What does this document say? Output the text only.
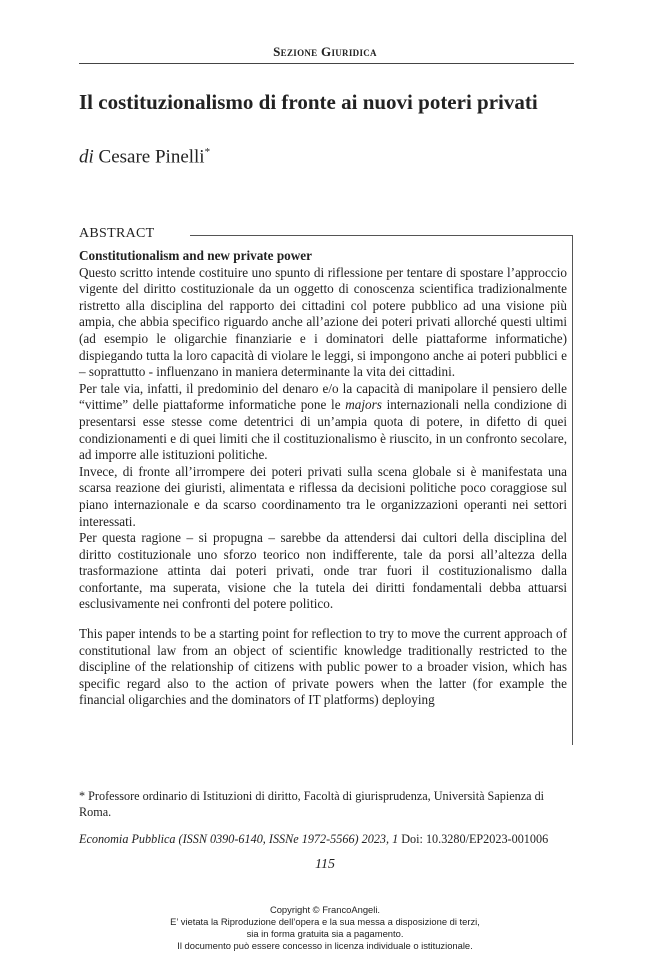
Sezione Giuridica
Il costituzionalismo di fronte ai nuovi poteri privati
di Cesare Pinelli*
ABSTRACT

Constitutionalism and new private power

Questo scritto intende costituire uno spunto di riflessione per tentare di spostare l’approccio vigente del diritto costituzionale da un oggetto di conoscenza scientifica tradizionalmente ristretto alla disciplina del rapporto dei cittadini col potere pubblico ad una visione più ampia, che abbia specifico riguardo anche all’azione dei poteri privati allorché questi ultimi (ad esempio le oligarchie finanziarie e i dominatori delle piattaforme informatiche) dispiegando tutta la loro capacità di violare le leggi, si impongono anche ai poteri pubblici e – soprattutto - influenzano in maniera determinante la vita dei cittadini.

Per tale via, infatti, il predominio del denaro e/o la capacità di manipolare il pensiero delle “vittime” delle piattaforme informatiche pone le majors internazionali nella condizione di presentarsi esse stesse come detentrici di un’ampia quota di potere, in difetto di quei condizionamenti e di quei limiti che il costituzionalismo è riuscito, in un confronto secolare, ad imporre alle istituzioni politiche.

Invece, di fronte all’irrompere dei poteri privati sulla scena globale si è manifestata una scarsa reazione dei giuristi, alimentata e riflessa da decisioni politiche poco coraggiose sul piano internazionale e da scarso coordinamento tra le organizzazioni operanti nei settori interessati.

Per questa ragione – si propugna – sarebbe da attendersi dai cultori della disciplina del diritto costituzionale uno sforzo teorico non indifferente, tale da porsi all’altezza della trasformazione attinta dai poteri privati, onde trar fuori il costituzionalismo dalla confortante, ma superata, visione che la tutela dei diritti fondamentali debba attuarsi esclusivamente nei confronti del potere politico.

This paper intends to be a starting point for reflection to try to move the current approach of constitutional law from an object of scientific knowledge traditionally restricted to the discipline of the relationship of citizens with public power to a broader vision, which has specific regard also to the action of private powers when the latter (for example the financial oligarchies and the dominators of IT platforms) deploying

* Professore ordinario di Istituzioni di diritto, Facoltà di giurisprudenza, Università Sapienza di Roma.
Economia Pubblica (ISSN 0390-6140, ISSNe 1972-5566) 2023, 1 Doi: 10.3280/EP2023-001006
115
Copyright © FrancoAngeli.
E’ vietata la Riproduzione dell’opera e la sua messa a disposizione di terzi,
sia in forma gratuita sia a pagamento.
Il documento può essere concesso in licenza individuale o istituzionale.
